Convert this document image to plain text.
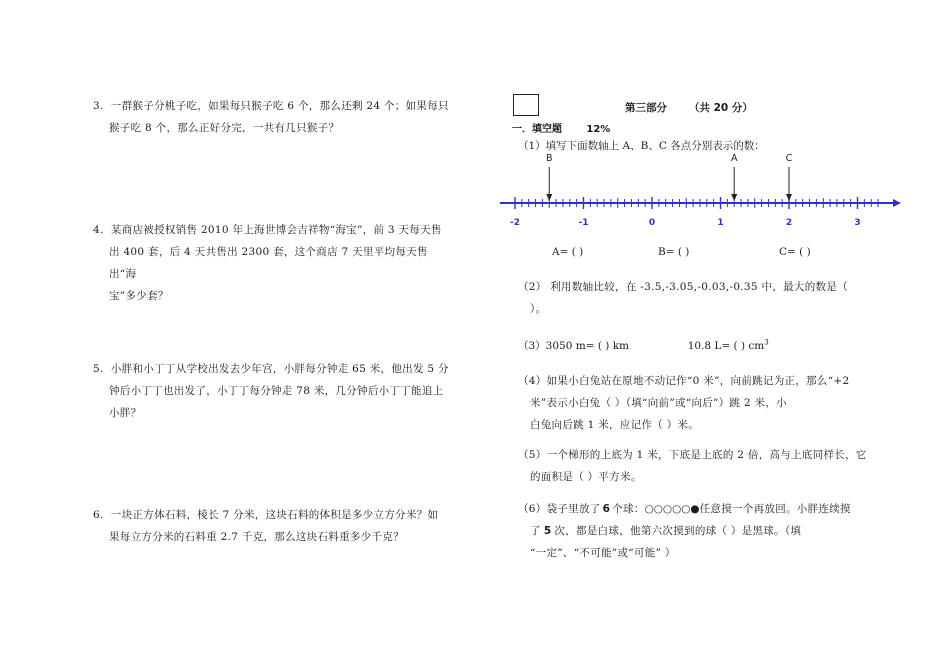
3. 一群猴子分桃子吃，如果每只猴子吃 6 个，那么还剩 24 个；如果每只
猴子吃 8 个，那么正好分完，一共有几只猴子？
4. 某商店被授权销售 2010 年上海世博会吉祥物“海宝”，前 3 天每天售
出 400 套，后 4 天共售出 2300 套，这个商店 7 天里平均每天售出“海
宝”多少套？
5. 小胖和小丁丁从学校出发去少年宫，小胖每分钟走 65 米，他出发 5 分
钟后小丁丁也出发了，小丁丁每分钟走 78 米，几分钟后小丁丁能追上
小胖？
6. 一块正方体石料，棱长 7 分米，这块石料的体积是多少立方分米？如
果每立方分米的石料重 2.7 千克，那么这块石料重多少千克？
第三部分 （共 20 分）
一．填空题 12%
（1）填写下面数轴上 A、B、C 各点分别表示的数：
-2	-1	0	1	2	3
B	A	C
A= ( )	B= ( )	C= ( )
（2） 利用数轴比较，在 -3.5,-3.05,-0.03,-0.35 中，最大的数是（
）。
（3）3050 m= ( ) km	10.8 L= ( ) $cm^3$
（4）如果小白兔站在原地不动记作“0 米”，向前跳记为正，那么“+2
米”表示小白兔（ ）（填“向前”或“向后”）跳 2 米，小
白兔向后跳 1 米，应记作（ ）米。
（5）一个梯形的上底为 1 米，下底是上底的 2 倍，高与上底同样长，它
的面积是（ ）平方米。
（6）袋子里放了 6 个球：○○○○○●任意摸一个再放回。小胖连续摸
了 5 次，都是白球，他第六次摸到的球（ ）是黑球。（填
“一定”、“不可能”或“可能” ）
